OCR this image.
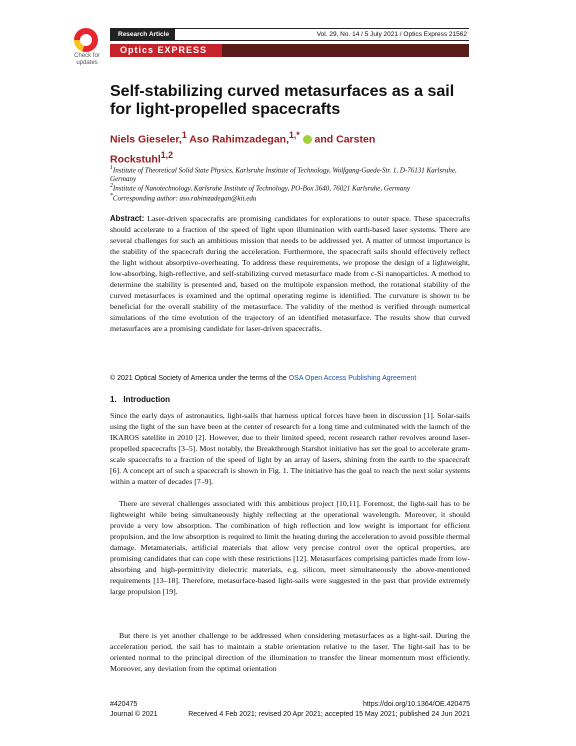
Check for updates
Research Article	Vol. 29, No. 14 / 5 July 2021 / Optics Express 21562
Optics EXPRESS
Self-stabilizing curved metasurfaces as a sail for light-propelled spacecrafts
Niels Gieseler,$^1$ Aso Rahimzadegan,$^{1,*}$ and Carsten
Rockstuhl$^{1,2}$
$^1$Institute of Theoretical Solid State Physics, Karlsruhe Institute of Technology, Wolfgang-Gaede-Str. 1, D-76131 Karlsruhe, Germany
$^2$Institute of Nanotechnology, Karlsruhe Institute of Technology, PO-Box 3640, 76021 Karlsruhe, Germany
*Corresponding author: aso.rahimzadegan@kit.edu
Abstract: Laser-driven spacecrafts are promising candidates for explorations to outer space. These spacecrafts should accelerate to a fraction of the speed of light upon illumination with earth-based laser systems. There are several challenges for such an ambitious mission that needs to be addressed yet. A matter of utmost importance is the stability of the spacecraft during the acceleration. Furthermore, the spacecraft sails should effectively reflect the light without absorptive-overheating. To address these requirements, we propose the design of a lightweight, low-absorbing, high-reflective, and self-stabilizing curved metasurface made from c-Si nanoparticles. A method to determine the stability is presented and, based on the multipole expansion method, the rotational stability of the curved metasurfaces is examined and the optimal operating regime is identified. The curvature is shown to be beneficial for the overall stability of the metasurface. The validity of the method is verified through numerical simulations of the time evolution of the trajectory of an identified metasurface. The results show that curved metasurfaces are a promising candidate for laser-driven spacecrafts.
© 2021 Optical Society of America under the terms of the OSA Open Access Publishing Agreement
1. Introduction
Since the early days of astronautics, light-sails that harness optical forces have been in discussion [1]. Solar-sails using the light of the sun have been at the center of research for a long time and culminated with the launch of the IKAROS satellite in 2010 [2]. However, due to their limited speed, recent research rather revolves around laser-propelled spacecrafts [3–5]. Most notably, the Breakthrough Starshot initiative has set the goal to accelerate gram-scale spacecrafts to a fraction of the speed of light by an array of lasers, shining from the earth to the spacecraft [6]. A concept art of such a spacecraft is shown in Fig. 1. The initiative has the goal to reach the next solar systems within a matter of decades [7–9].
There are several challenges associated with this ambitious project [10,11]. Foremost, the light-sail has to be lightweight while being simultaneously highly reflecting at the operational wavelength. Moreover, it should provide a very low absorption. The combination of high reflection and low weight is important for efficient propulsion, and the low absorption is required to limit the heating during the acceleration to avoid possible thermal damage. Metamaterials, artificial materials that allow very precise control over the optical properties, are promising candidates that can cope with these restrictions [12]. Metasurfaces comprising particles made from low-absorbing and high-permittivity dielectric materials, e.g. silicon, meet simultaneously the above-mentioned requirements [13–18]. Therefore, metasurface-based light-sails were suggested in the past that provide extremely large propulsion [19].
But there is yet another challenge to be addressed when considering metasurfaces as a light-sail. During the acceleration period, the sail has to maintain a stable orientation relative to the laser. The light-sail has to be oriented normal to the principal direction of the illumination to transfer the linear momentum most efficiently. Moreover, any deviation from the optimal orientation
#420475	https://doi.org/10.1364/OE.420475
Journal © 2021	Received 4 Feb 2021; revised 20 Apr 2021; accepted 15 May 2021; published 24 Jun 2021
